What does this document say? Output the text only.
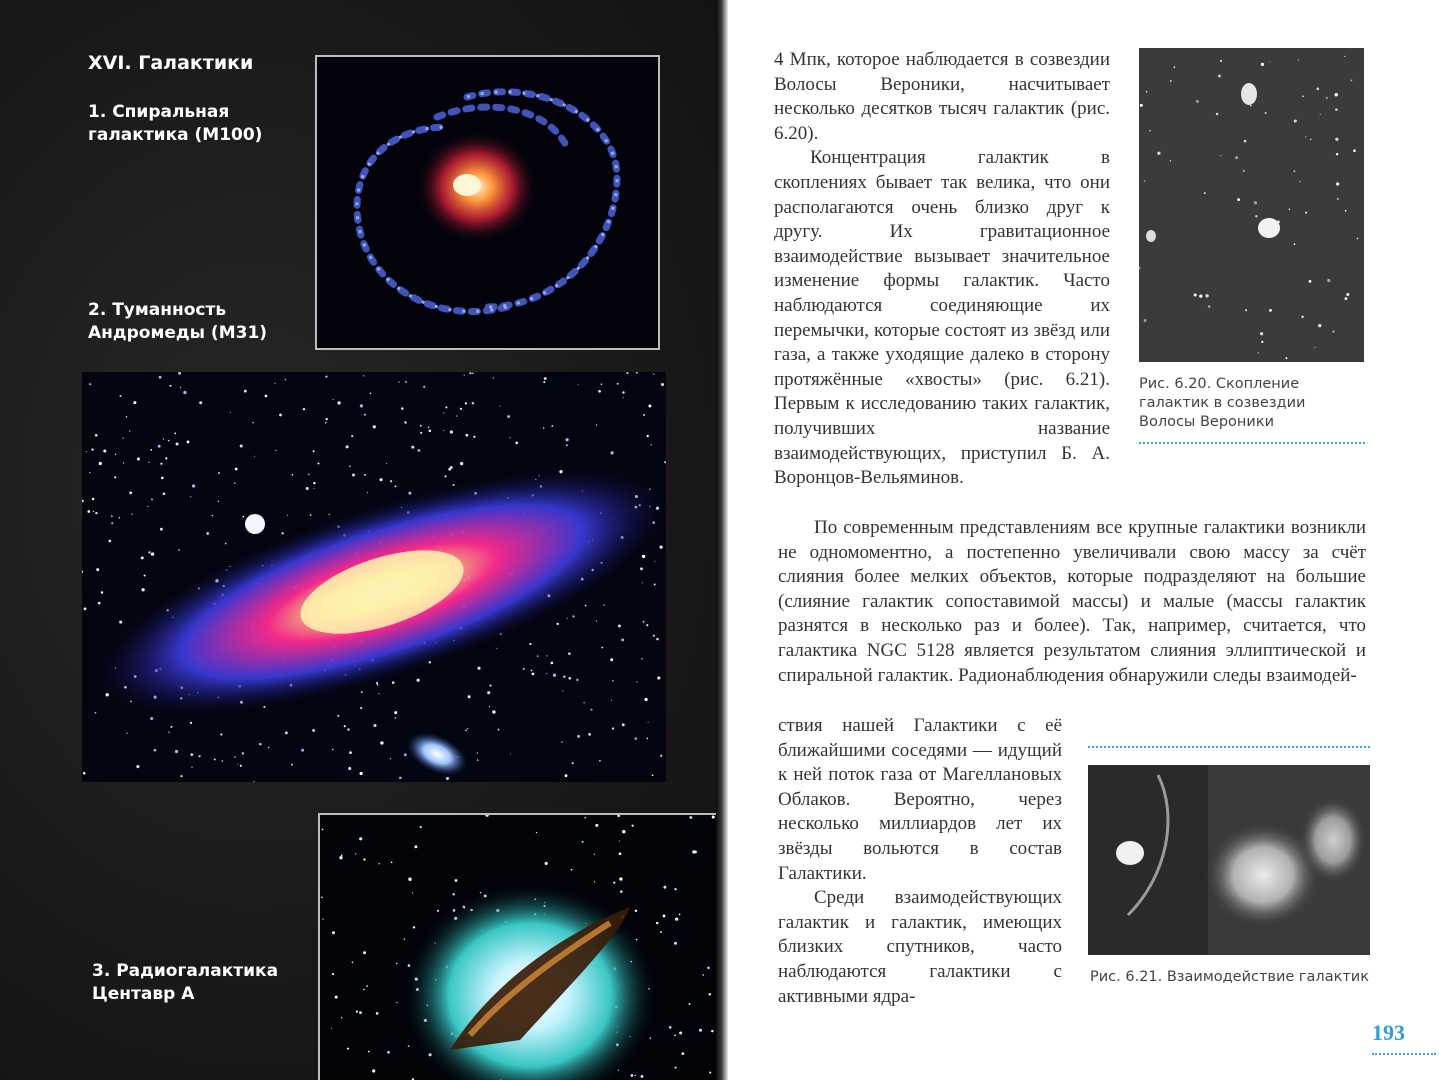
XVI. Галактики
1. Спиральная
галактика (М100)
2. Туманность
Андромеды (М31)
3. Радиогалактика
Центавр А

4 Мпк, которое наблюдается в созвездии Волосы Вероники, насчитывает несколько десятков тысяч галактик (рис. 6.20).

Концентрация галактик в скоплениях бывает так велика, что они располагаются очень близко друг к другу. Их гравитационное взаимодействие вызывает значительное изменение формы галактик. Часто наблюдаются соединяющие их перемычки, которые состоят из звёзд или газа, а также уходящие далеко в сторону протяжённые «хвосты» (рис. 6.21). Первым к исследованию таких галактик, получивших название взаимодействующих, приступил Б. А. Воронцов-Вельяминов.

По современным представлениям все крупные галактики возникли не одномоментно, а постепенно увеличивали свою массу за счёт слияния более мелких объектов, которые подразделяют на большие (слияние галактик сопоставимой массы) и малые (массы галактик разнятся в несколько раз и более). Так, например, считается, что галактика NGC 5128 является результатом слияния эллиптической и спиральной галактик. Радионаблюдения обнаружили следы взаимодей-

ствия нашей Галактики с её ближайшими соседями — идущий к ней поток газа от Магеллановых Облаков. Вероятно, через несколько миллиардов лет их звёзды вольются в состав Галактики.

Среди взаимодействующих галактик и галактик, имеющих близких спутников, часто наблюдаются галактики с активными ядра-

Рис. 6.20. Скопление галактик в созвездии Волосы Вероники
Рис. 6.21. Взаимодействие галактик
193
